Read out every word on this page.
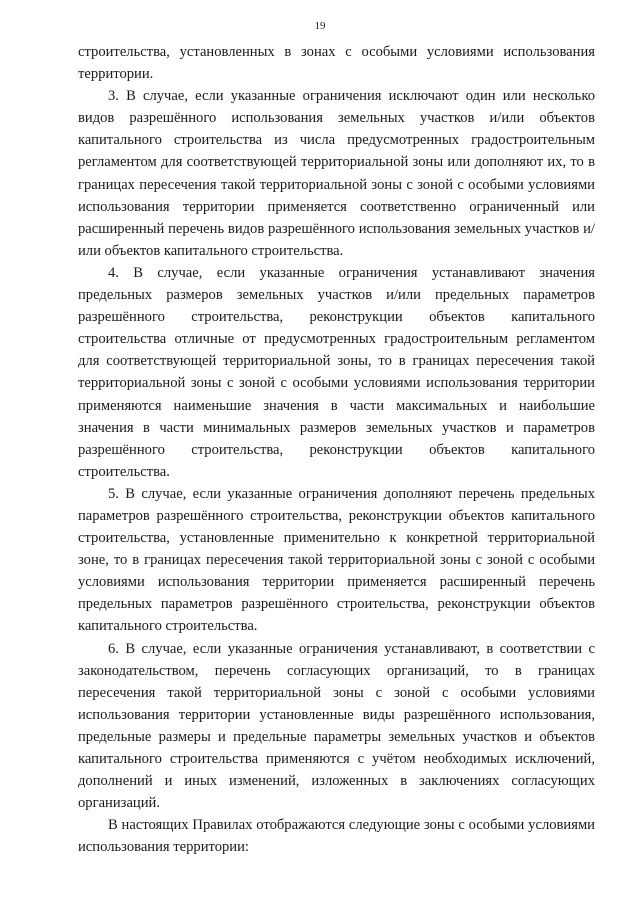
19

строительства, установленных в зонах с особыми условиями использования территории.

3. В случае, если указанные ограничения исключают один или несколько видов разрешённого использования земельных участков и/или объектов капитального строительства из числа предусмотренных градостроительным регламентом для соответствующей территориальной зоны или дополняют их, то в границах пересечения такой территориальной зоны с зоной с особыми условиями использования территории применяется соответственно ограниченный или расширенный перечень видов разрешённого использования земельных участков и/или объектов капитального строительства.

4. В случае, если указанные ограничения устанавливают значения предельных размеров земельных участков и/или предельных параметров разрешённого строительства, реконструкции объектов капитального строительства отличные от предусмотренных градостроительным регламентом для соответствующей территориальной зоны, то в границах пересечения такой территориальной зоны с зоной с особыми условиями использования территории применяются наименьшие значения в части максимальных и наибольшие значения в части минимальных размеров земельных участков и параметров разрешённого строительства, реконструкции объектов капитального строительства.

5. В случае, если указанные ограничения дополняют перечень предельных параметров разрешённого строительства, реконструкции объектов капитального строительства, установленные применительно к конкретной территориальной зоне, то в границах пересечения такой территориальной зоны с зоной с особыми условиями использования территории применяется расширенный перечень предельных параметров разрешённого строительства, реконструкции объектов капитального строительства.

6. В случае, если указанные ограничения устанавливают, в соответствии с законодательством, перечень согласующих организаций, то в границах пересечения такой территориальной зоны с зоной с особыми условиями использования территории установленные виды разрешённого использования, предельные размеры и предельные параметры земельных участков и объектов капитального строительства применяются с учётом необходимых исключений, дополнений и иных изменений, изложенных в заключениях согласующих организаций.

В настоящих Правилах отображаются следующие зоны с особыми условиями использования территории:
